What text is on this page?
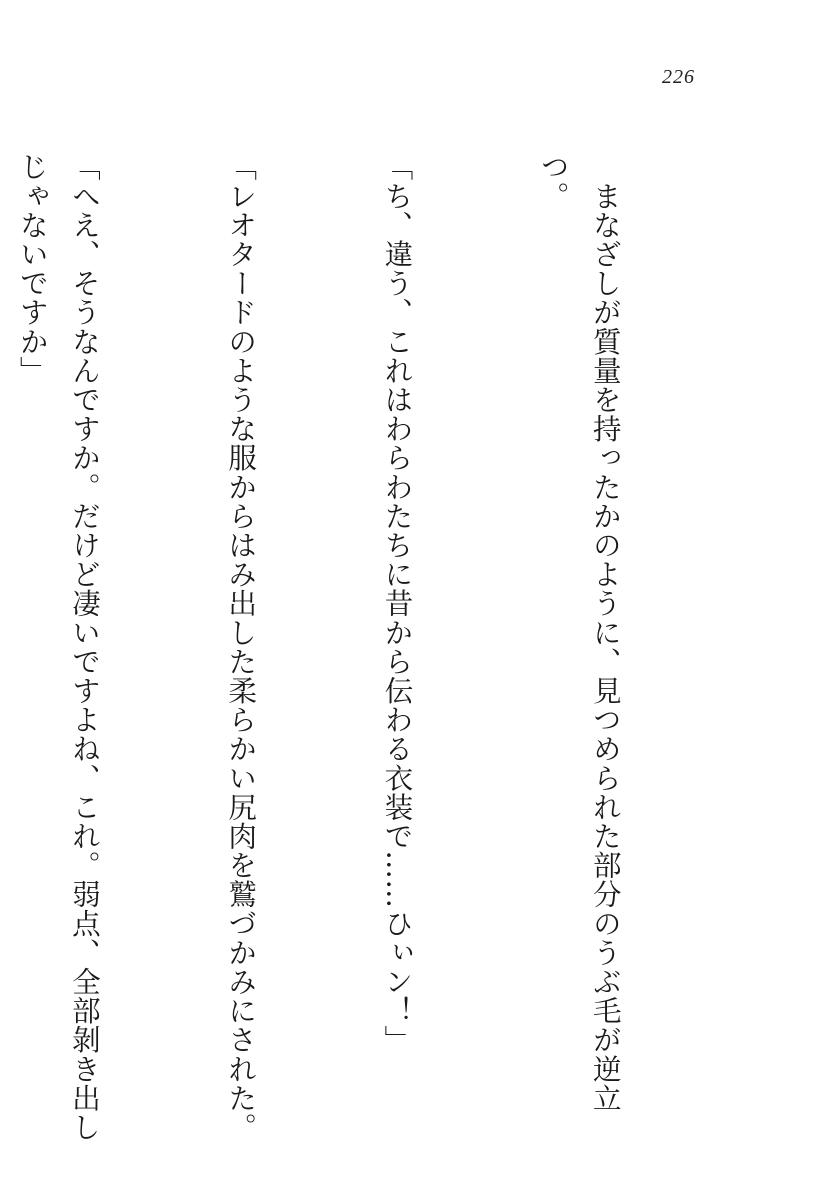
226

　まなざしが質量を持ったかのように、見つめられた部分のうぶ毛が逆立つ。

「ち、違う、これはわらわたちに昔から伝わる衣装で……ひぃン！」

「レオタードのような服からはみ出した柔らかい尻肉を鷲づかみにされた。

「へえ、そうなんですか。だけど凄いですよね、これ。弱点、全部剝き出しじゃないですか」
